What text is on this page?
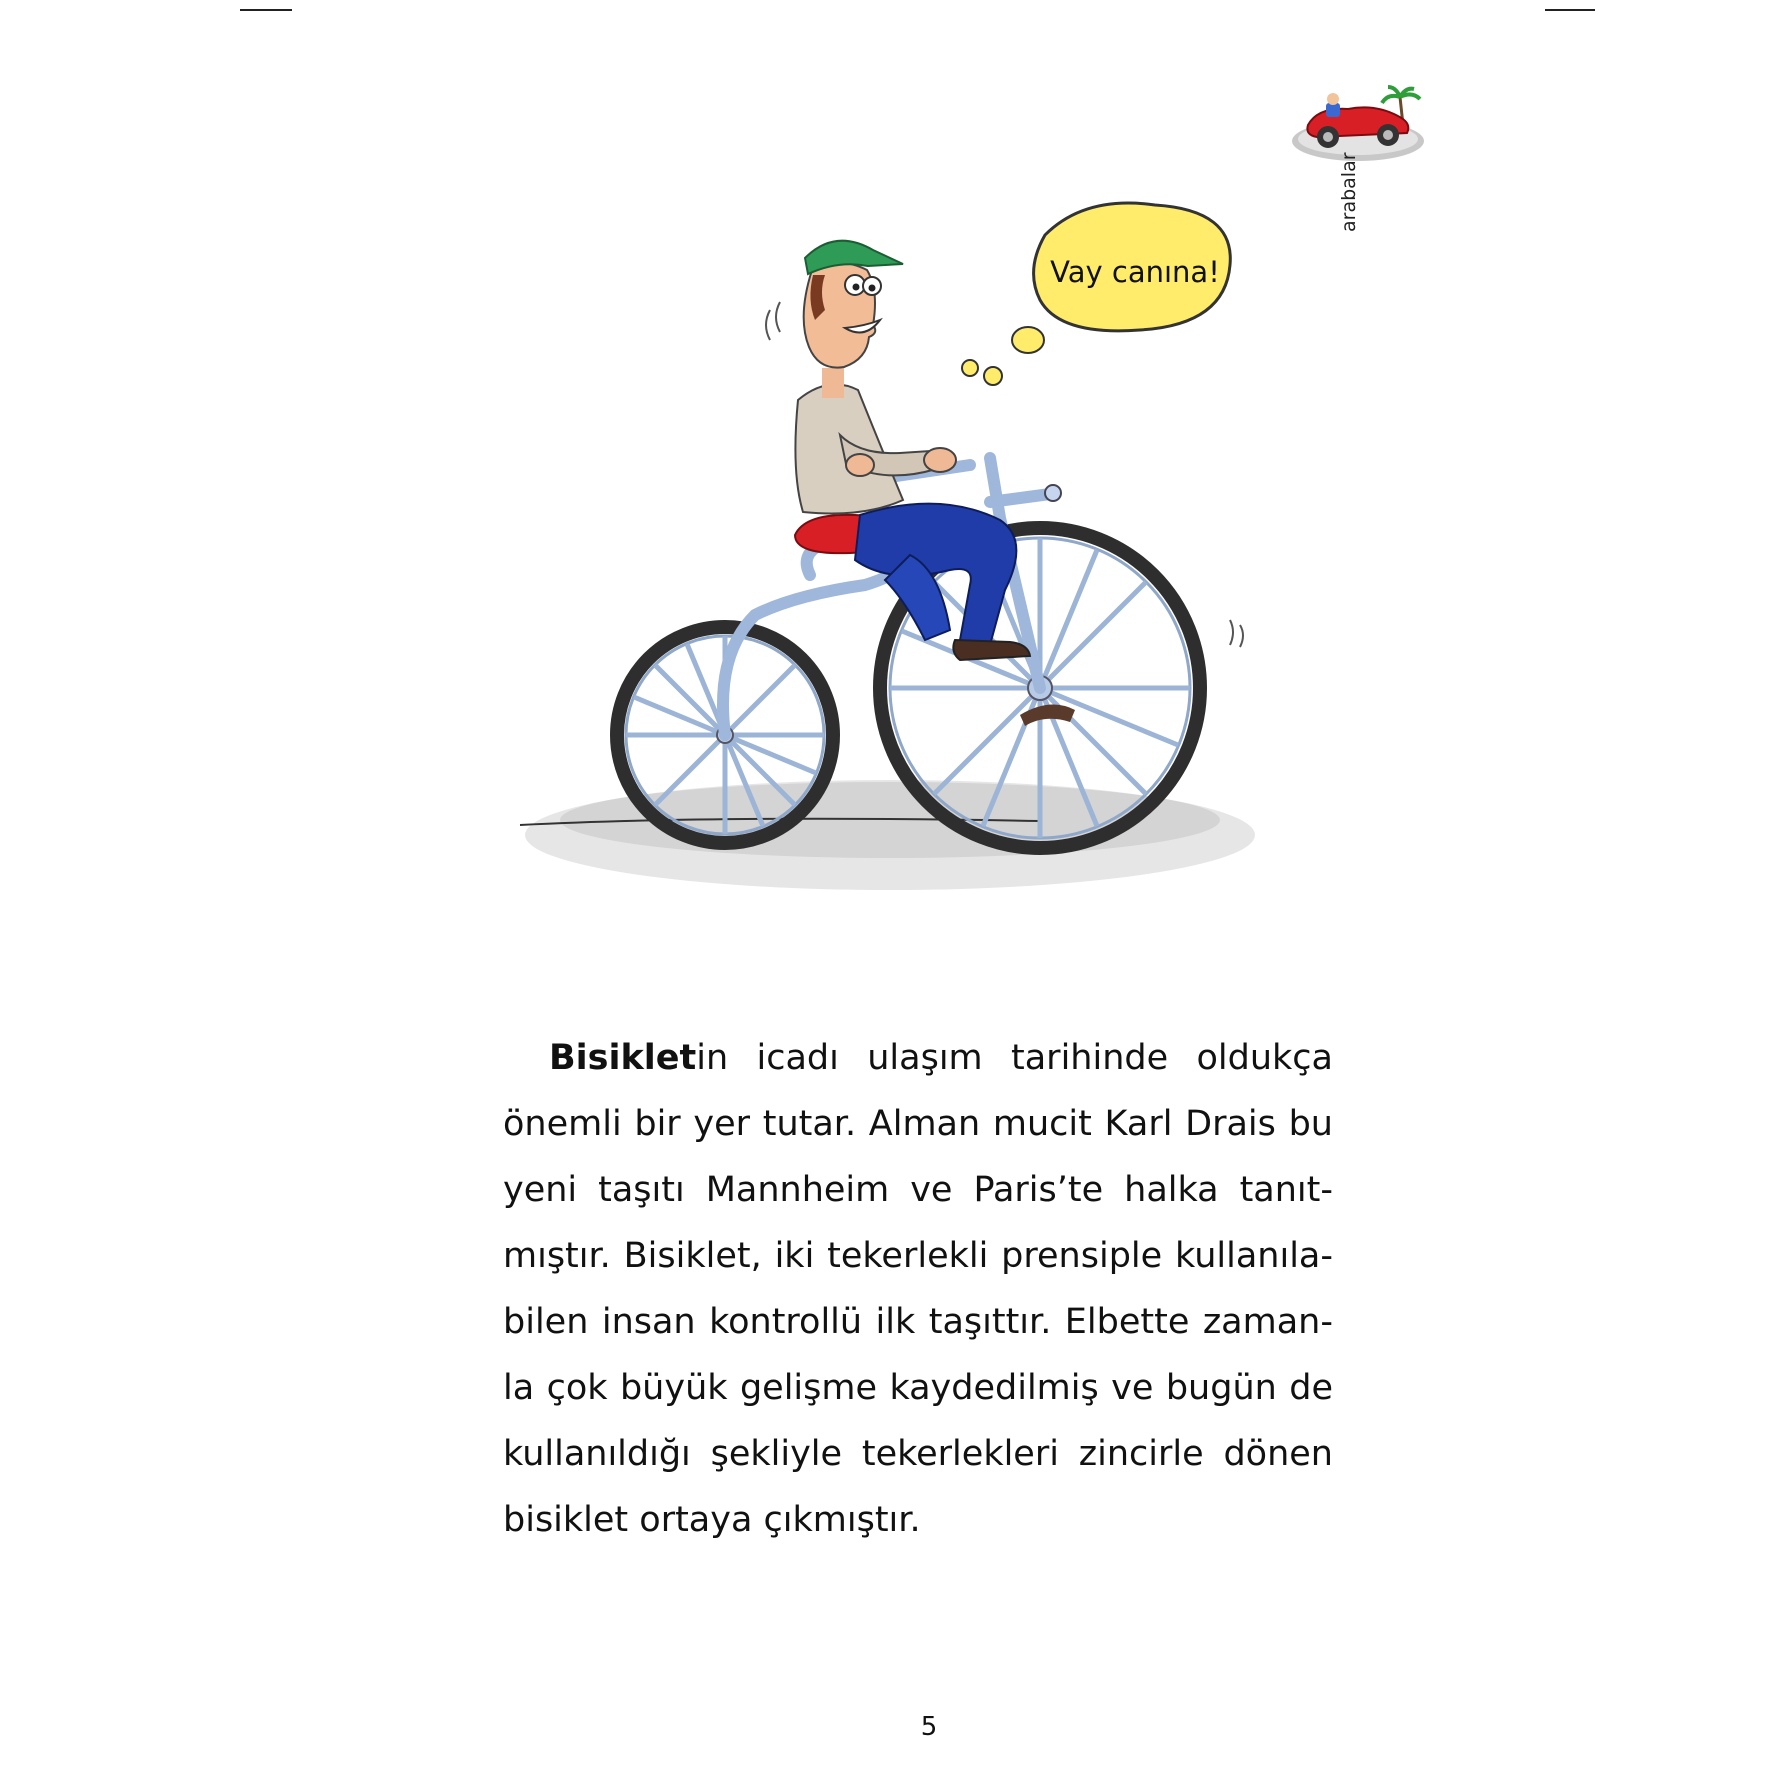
arabalar
Vay canına!
Bisikletin icadı ulaşım tarihinde oldukça
önemli bir yer tutar. Alman mucit Karl Drais bu
yeni taşıtı Mannheim ve Paris’te halka tanıt-
mıştır. Bisiklet, iki tekerlekli prensiple kullanıla-
bilen insan kontrollü ilk taşıttır. Elbette zaman-
la çok büyük gelişme kaydedilmiş ve bugün de
kullanıldığı şekliyle tekerlekleri zincirle dönen
bisiklet ortaya çıkmıştır.
5
